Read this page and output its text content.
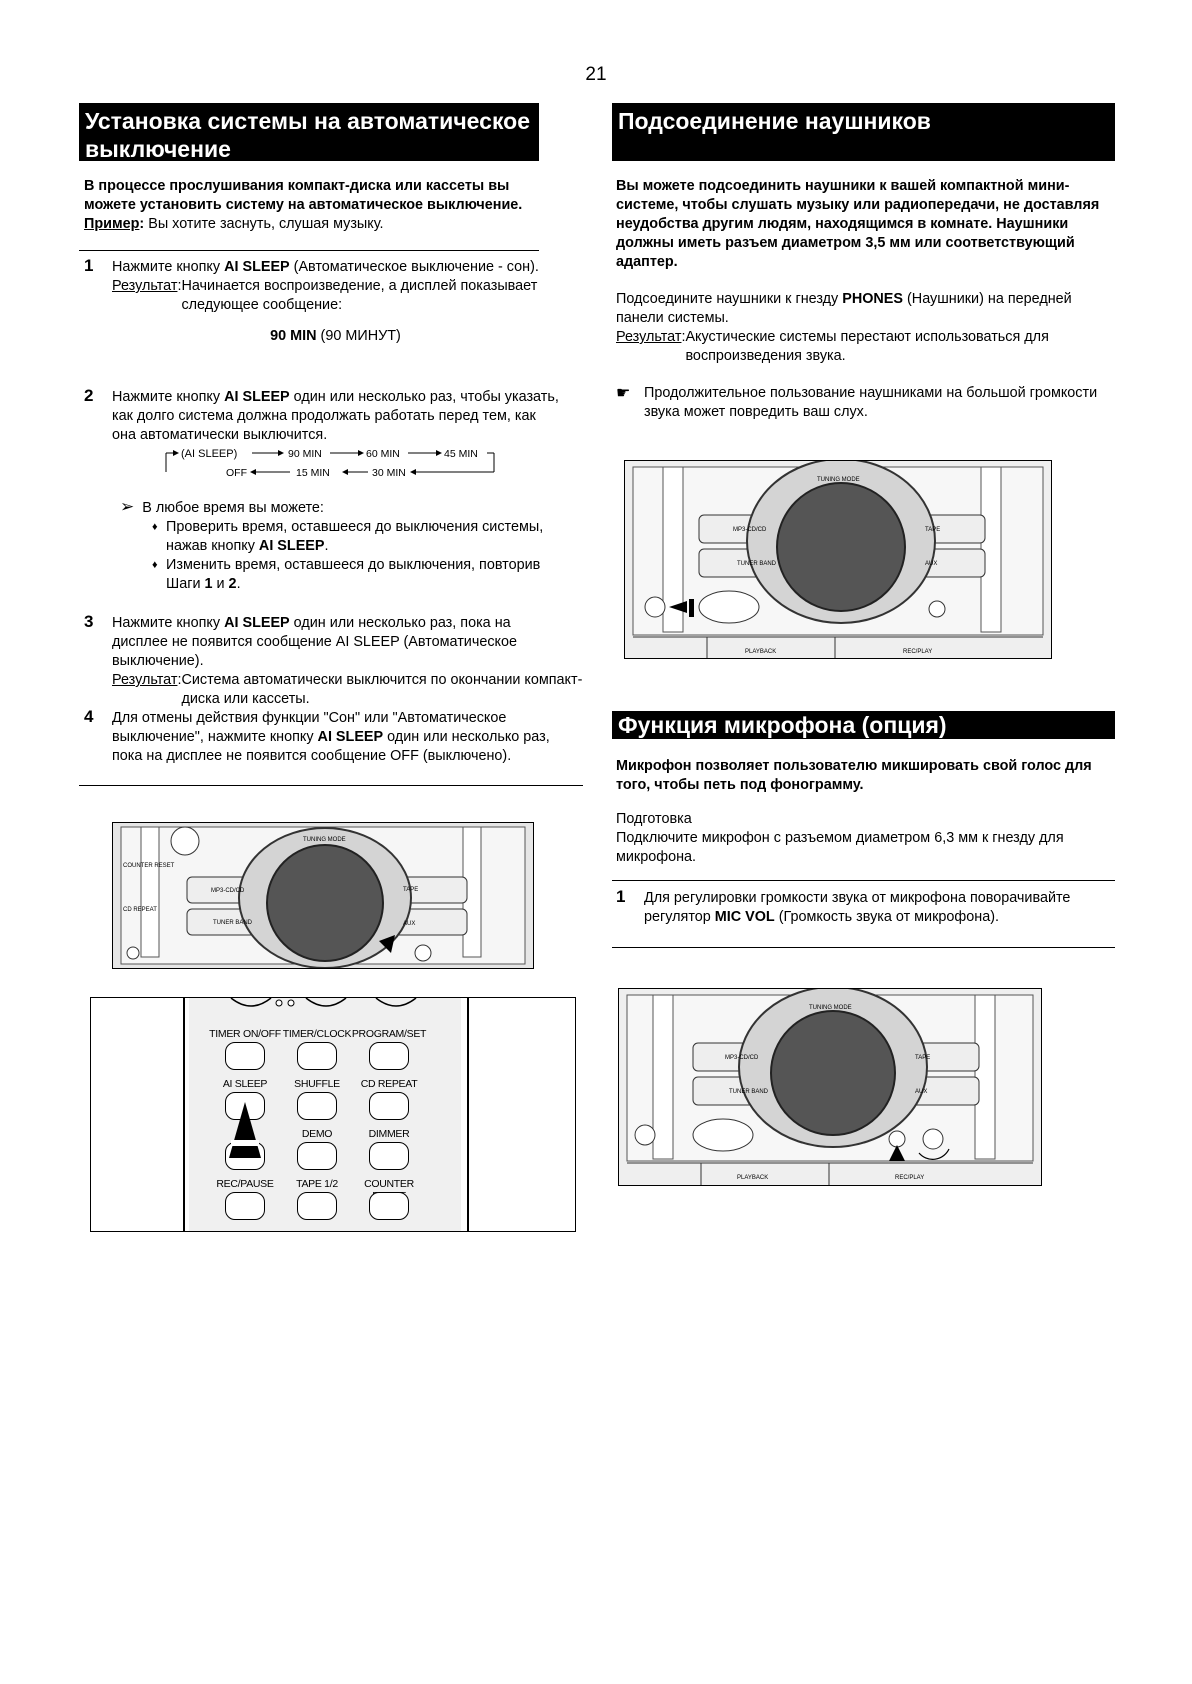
21
Установка системы на автоматическое
выключение
В процессе прослушивания компакт-диска или кассеты вы можете установить систему на автоматическое выключение.
Пример: Вы хотите заснуть, слушая музыку.
1 Нажмите кнопку AI SLEEP (Автоматическое выключение - сон).
Результат: Начинается воспроизведение, а дисплей показывает следующее сообщение:
90 MIN (90 МИНУТ)
2 Нажмите кнопку AI SLEEP один или несколько раз, чтобы указать, как долго система должна продолжать работать перед тем, как она автоматически выключится.
(AI SLEEP)	90 MIN	60 MIN	45 MIN
OFF	15 MIN	30 MIN
➢ В любое время вы можете:
♦ Проверить время, оставшееся до выключения системы, нажав кнопку AI SLEEP.
♦ Изменить время, оставшееся до выключения, повторив Шаги 1 и 2.
3 Нажмите кнопку AI SLEEP один или несколько раз, пока на дисплее не появится сообщение AI SLEEP (Автоматическое выключение).
Результат: Система автоматически выключится по окончании компакт-диска или кассеты.
4 Для отмены действия функции "Сон" или "Автоматическое выключение", нажмите кнопку AI SLEEP один или несколько раз, пока на дисплее не появится сообщение OFF (выключено).
MP3-CD/CD
TUNER BAND
TAPE
AUX
TUNING MODE
CD REPEAT
COUNTER RESET
TIMER ON/OFF TIMER/CLOCK PROGRAM/SET
AI SLEEP	SHUFFLE	CD REPEAT
DEMO	DIMMER
REC/PAUSE	TAPE 1/2	COUNTER
Подсоединение наушников
Вы можете подсоединить наушники к вашей компактной мини-системе, чтобы слушать музыку или радиопередачи, не доставляя неудобства другим людям, находящимся в комнате. Наушники должны иметь разъем диаметром 3,5 мм или соответствующий адаптер.
Подсоедините наушники к гнезду PHONES (Наушники) на передней панели системы.
Результат: Акустические системы перестают использоваться для воспроизведения звука.
☛ Продолжительное пользование наушниками на большой громкости звука может повредить ваш слух.
MP3-CD/CD
TUNER BAND
TAPE
AUX
TUNING MODE
PLAYBACK	REC/PLAY
Функция микрофона (опция)
Микрофон позволяет пользователю микшировать свой голос для того, чтобы петь под фонограмму.
Подготовка
Подключите микрофон с разъемом диаметром 6,3 мм к гнезду для микрофона.
1 Для регулировки громкости звука от микрофона поворачивайте регулятор MIC VOL (Громкость звука от микрофона).
MP3-CD/CD
TUNER BAND
TAPE
AUX
TUNING MODE
PLAYBACK	REC/PLAY
